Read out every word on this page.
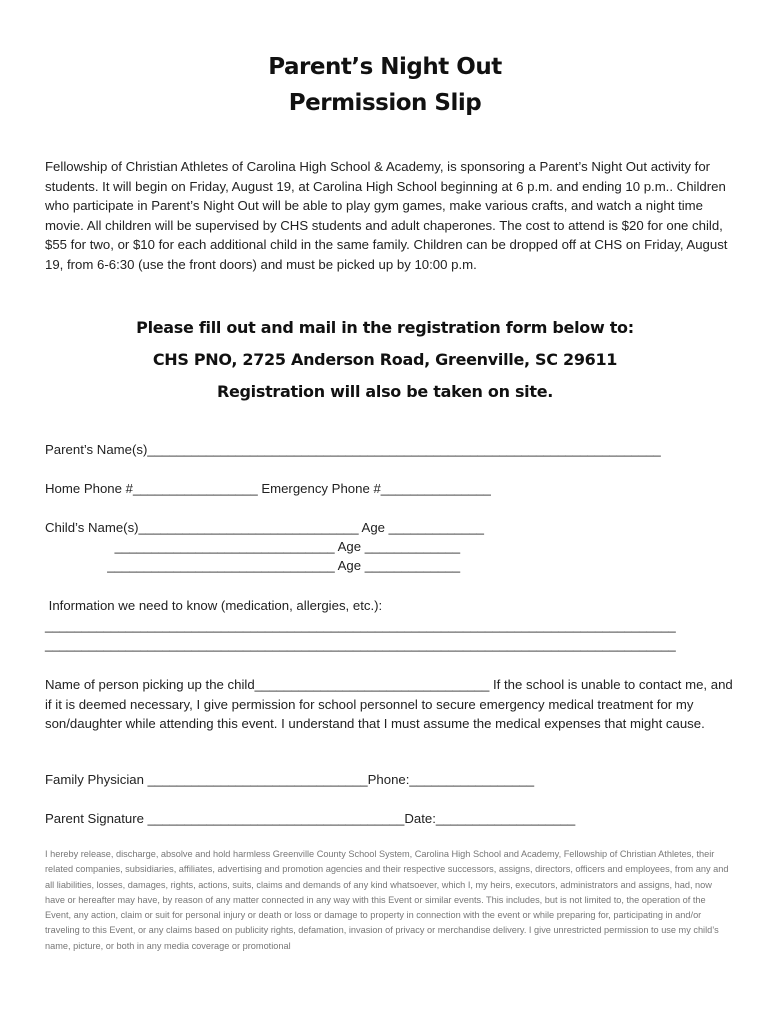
Parent’s Night Out
Permission Slip
Fellowship of Christian Athletes of Carolina High School & Academy, is sponsoring a Parent’s Night Out activity for students. It will begin on Friday, August 19, at Carolina High School beginning at 6 p.m. and ending 10 p.m.. Children who participate in Parent’s Night Out will be able to play gym games, make various crafts, and watch a night time movie. All children will be supervised by CHS students and adult chaperones. The cost to attend is $20 for one child, $55 for two, or $10 for each additional child in the same family. Children can be dropped off at CHS on Friday, August 19, from 6-6:30 (use the front doors) and must be picked up by 10:00 p.m.
Please fill out and mail in the registration form below to:
CHS PNO, 2725 Anderson Road, Greenville, SC 29611
Registration will also be taken on site.
Parent’s Name(s)______________________________________________________________________
Home Phone #_________________ Emergency Phone #_______________
Child’s Name(s)______________________________ Age _____________
______________________________ Age _____________
_______________________________ Age _____________
Information we need to know (medication, allergies, etc.):
______________________________________________________________________________________
______________________________________________________________________________________
Name of person picking up the child________________________________ If the school is unable to contact me, and if it is deemed necessary, I give permission for school personnel to secure emergency medical treatment for my son/daughter while attending this event. I understand that I must assume the medical expenses that might cause.
Family Physician ______________________________Phone:_________________
Parent Signature ___________________________________Date:___________________
I hereby release, discharge, absolve and hold harmless Greenville County School System, Carolina High School and Academy, Fellowship of Christian Athletes, their related companies, subsidiaries, affiliates, advertising and promotion agencies and their respective successors, assigns, directors, officers and employees, from any and all liabilities, losses, damages, rights, actions, suits, claims and demands of any kind whatsoever, which I, my heirs, executors, administrators and assigns, had, now have or hereafter may have, by reason of any matter connected in any way with this Event or similar events. This includes, but is not limited to, the operation of the Event, any action, claim or suit for personal injury or death or loss or damage to property in connection with the event or while preparing for, participating in and/or traveling to this Event, or any claims based on publicity rights, defamation, invasion of privacy or merchandise delivery. I give unrestricted permission to use my child’s name, picture, or both in any media coverage or promotional
